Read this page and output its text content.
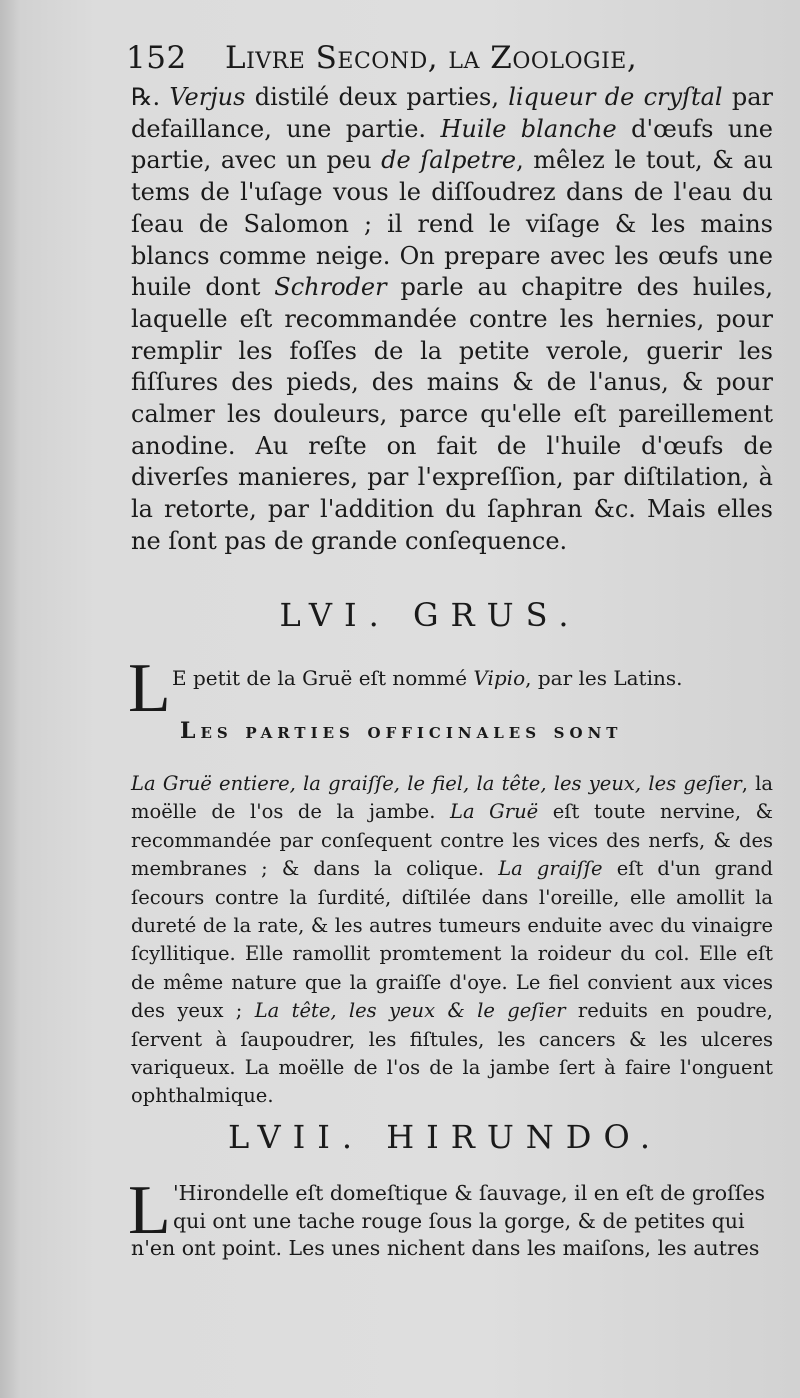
152 Livre Second, la Zoologie,

℞. Verjus distilé deux parties, liqueur de cryſtal par defaillance, une partie. Huile blanche d'œufs une partie, avec un peu de ſalpetre, mêlez le tout, & au tems de l'uſage vous le diſſoudrez dans de l'eau du ſeau de Salomon ; il rend le viſage & les mains blancs comme neige. On prepare avec les œufs une huile dont Schroder parle au chapitre des huiles, laquelle eſt recommandée contre les hernies, pour remplir les foſſes de la petite verole, guerir les fiſſures des pieds, des mains & de l'anus, & pour calmer les douleurs, parce qu'elle eſt pareillement anodine. Au reſte on fait de l'huile d'œufs de diverſes manieres, par l'expreſſion, par diſtilation, à la retorte, par l'addition du ſaphran &c. Mais elles ne ſont pas de grande conſequence.

LVI. GRUS.
L E petit de la Gruë eſt nommé Vipio, par les Latins.
Les parties officinales sont

La Gruë entiere, la graiſſe, le fiel, la tête, les yeux, les geſier, la moëlle de l'os de la jambe. La Gruë eſt toute nervine, & recommandée par conſequent contre les vices des nerfs, & des membranes ; & dans la colique. La graiſſe eſt d'un grand ſecours contre la ſurdité, diſtilée dans l'oreille, elle amollit la dureté de la rate, & les autres tumeurs enduite avec du vinaigre ſcyllitique. Elle ramollit promtement la roideur du col. Elle eſt de même nature que la graiſſe d'oye. Le fiel convient aux vices des yeux ; La tête, les yeux & le geſier reduits en poudre, ſervent à ſaupoudrer, les fiſtules, les cancers & les ulceres variqueux. La moëlle de l'os de la jambe ſert à faire l'onguent ophthalmique.

LVII. HIRUNDO.
L 'Hirondelle eſt domeſtique & ſauvage, il en eſt de groſſes
qui ont une tache rouge ſous la gorge, & de petites qui
n'en ont point. Les unes nichent dans les maiſons, les autres
